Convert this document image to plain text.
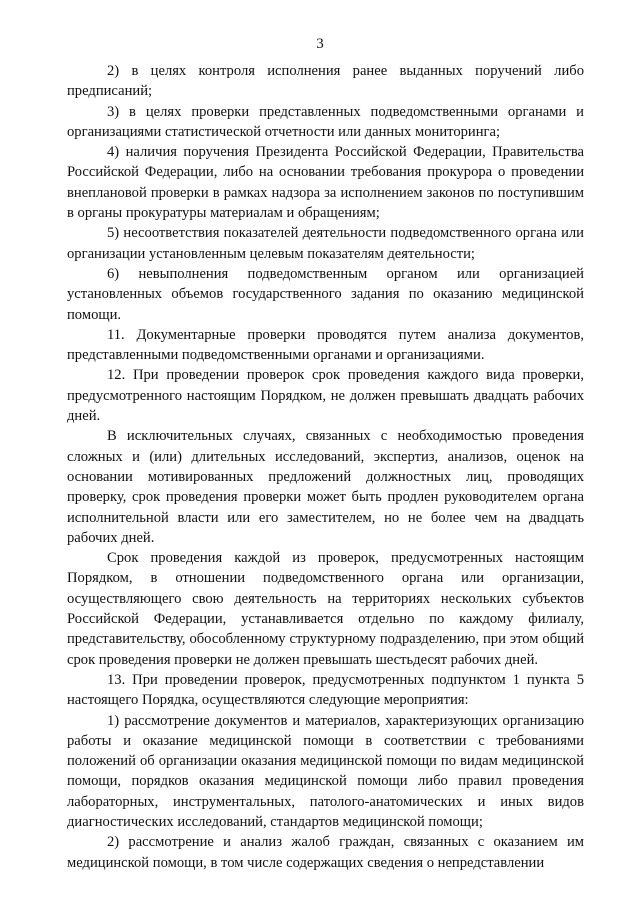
3

2) в целях контроля исполнения ранее выданных поручений либо предписаний;

3) в целях проверки представленных подведомственными органами и организациями статистической отчетности или данных мониторинга;

4) наличия поручения Президента Российской Федерации, Правительства Российской Федерации, либо на основании требования прокурора о проведении внеплановой проверки в рамках надзора за исполнением законов по поступившим в органы прокуратуры материалам и обращениям;

5) несоответствия показателей деятельности подведомственного органа или организации установленным целевым показателям деятельности;

6) невыполнения подведомственным органом или организацией установленных объемов государственного задания по оказанию медицинской помощи.

11. Документарные проверки проводятся путем анализа документов, представленными подведомственными органами и организациями.

12. При проведении проверок срок проведения каждого вида проверки, предусмотренного настоящим Порядком, не должен превышать двадцать рабочих дней.

В исключительных случаях, связанных с необходимостью проведения сложных и (или) длительных исследований, экспертиз, анализов, оценок на основании мотивированных предложений должностных лиц, проводящих проверку, срок проведения проверки может быть продлен руководителем органа исполнительной власти или его заместителем, но не более чем на двадцать рабочих дней.

Срок проведения каждой из проверок, предусмотренных настоящим Порядком, в отношении подведомственного органа или организации, осуществляющего свою деятельность на территориях нескольких субъектов Российской Федерации, устанавливается отдельно по каждому филиалу, представительству, обособленному структурному подразделению, при этом общий срок проведения проверки не должен превышать шестьдесят рабочих дней.

13. При проведении проверок, предусмотренных подпунктом 1 пункта 5 настоящего Порядка, осуществляются следующие мероприятия:

1) рассмотрение документов и материалов, характеризующих организацию работы и оказание медицинской помощи в соответствии с требованиями положений об организации оказания медицинской помощи по видам медицинской помощи, порядков оказания медицинской помощи либо правил проведения лабораторных, инструментальных, патолого-анатомических и иных видов диагностических исследований, стандартов медицинской помощи;

2) рассмотрение и анализ жалоб граждан, связанных с оказанием им медицинской помощи, в том числе содержащих сведения о непредставлении
